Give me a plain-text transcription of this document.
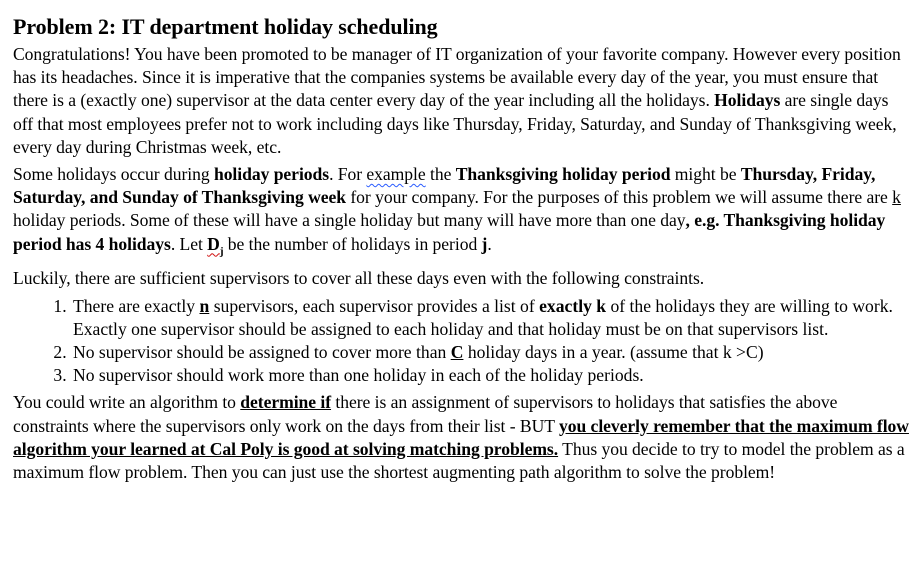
Problem 2: IT department holiday scheduling

Congratulations! You have been promoted to be manager of IT organization of your favorite company. However every position has its headaches. Since it is imperative that the companies systems be available every day of the year, you must ensure that there is a (exactly one) supervisor at the data center every day of the year including all the holidays. Holidays are single days off that most employees prefer not to work including days like Thursday, Friday, Saturday, and Sunday of Thanksgiving week, every day during Christmas week, etc.

Some holidays occur during holiday periods. For example the Thanksgiving holiday period might be Thursday, Friday, Saturday, and Sunday of Thanksgiving week for your company. For the purposes of this problem we will assume there are k holiday periods. Some of these will have a single holiday but many will have more than one day, e.g. Thanksgiving holiday period has 4 holidays. Let $D_j$ be the number of holidays in period j.

Luckily, there are sufficient supervisors to cover all these days even with the following constraints.

1. There are exactly n supervisors, each supervisor provides a list of exactly k of the holidays they are willing to work. Exactly one supervisor should be assigned to each holiday and that holiday must be on that supervisors list.
2. No supervisor should be assigned to cover more than C holiday days in a year. (assume that k >C)
3. No supervisor should work more than one holiday in each of the holiday periods.

You could write an algorithm to determine if there is an assignment of supervisors to holidays that satisfies the above constraints where the supervisors only work on the days from their list - BUT you cleverly remember that the maximum flow algorithm your learned at Cal Poly is good at solving matching problems. Thus you decide to try to model the problem as a maximum flow problem. Then you can just use the shortest augmenting path algorithm to solve the problem!
